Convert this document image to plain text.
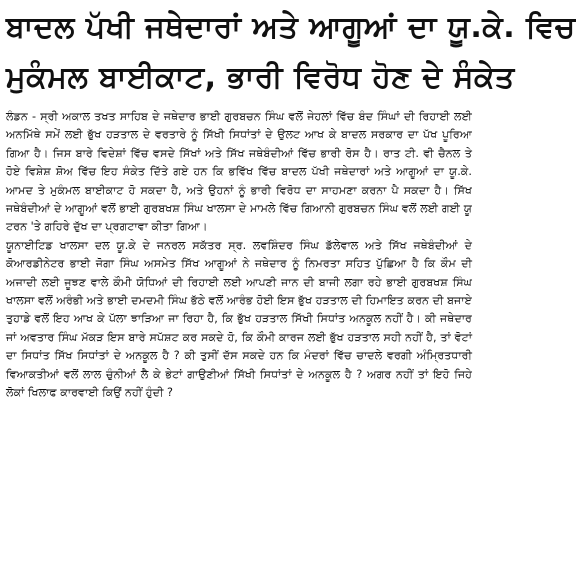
ਬਾਦਲ ਪੱਖੀ ਜਥੇਦਾਰਾਂ ਅਤੇ ਆਗੂਆਂ ਦਾ ਯੂ.ਕੇ. ਵਿਚ
ਮੁਕੰਮਲ ਬਾਈਕਾਟ, ਭਾਰੀ ਵਿਰੋਧ ਹੋਣ ਦੇ ਸੰਕੇਤ
ਲੰਡਨ - ਸ੍ਰੀ ਅਕਾਲ ਤਖਤ ਸਾਹਿਬ ਦੇ ਜਥੇਦਾਰ ਭਾਈ ਗੁਰਬਚਨ ਸਿੰਘ ਵਲੋਂ ਜੇਹਲਾਂ ਵਿੱਚ ਬੰਦ ਸਿੰਘਾਂ ਦੀ ਰਿਹਾਈ ਲਈ ਅਨਮਿੱਥੇ ਸਮੇਂ ਲਈ ਭੁੱਖ ਹੜਤਾਲ ਦੇ ਵਰਤਾਰੇ ਨੂੰ ਸਿੱਖੀ ਸਿਧਾਂਤਾਂ ਦੇ ਉਲਟ ਆਖ ਕੇ ਬਾਦਲ ਸਰਕਾਰ ਦਾ ਪੱਖ ਪੂਰਿਆ ਗਿਆ ਹੈ। ਜਿਸ ਬਾਰੇ ਵਿਦੇਸ਼ਾਂ ਵਿੱਚ ਵਸਦੇ ਸਿੱਖਾਂ ਅਤੇ ਸਿੱਖ ਜਥੇਬੰਦੀਆਂ ਵਿੱਚ ਭਾਰੀ ਰੋਸ ਹੈ। ਰਾਤ ਟੀ. ਵੀ ਚੈਨਲ ਤੇ ਹੋਏ ਵਿਸ਼ੇਸ਼ ਸ਼ੋਅ ਵਿੱਚ ਇਹ ਸੰਕੇਤ ਦਿੱਤੇ ਗਏ ਹਨ ਕਿ ਭਵਿੱਖ ਵਿੱਚ ਬਾਦਲ ਪੱਖੀ ਜਥੇਦਾਰਾਂ ਅਤੇ ਆਗੂਆਂ ਦਾ ਯੂ.ਕੇ. ਆਮਦ ਤੇ ਮੁਕੰਮਲ ਬਾਈਕਾਟ ਹੋ ਸਕਦਾ ਹੈ, ਅਤੇ ਉਹਨਾਂ ਨੂੰ ਭਾਰੀ ਵਿਰੋਧ ਦਾ ਸਾਹਮਣਾ ਕਰਨਾ ਪੈ ਸਕਦਾ ਹੈ। ਸਿੱਖ ਜਥੇਬੰਦੀਆਂ ਦੇ ਆਗੂਆਂ ਵਲੋਂ ਭਾਈ ਗੁਰਬਖਸ਼ ਸਿੰਘ ਖਾਲਸਾ ਦੇ ਮਾਮਲੇ ਵਿੱਚ ਗਿਆਨੀ ਗੁਰਬਚਨ ਸਿੰਘ ਵਲੋਂ ਲਈ ਗਈ ਯੂ ਟਰਨ 'ਤੇ ਗਹਿਰੇ ਦੁੱਖ ਦਾ ਪ੍ਰਗਟਾਵਾ ਕੀਤਾ ਗਿਆ।
ਯੂਨਾਈਟਿਡ ਖਾਲਸਾ ਦਲ ਯੂ.ਕੇ ਦੇ ਜਨਰਲ ਸਕੱਤਰ ਸ੍ਰ. ਲਵਸ਼ਿੰਦਰ ਸਿੰਘ ਡੱਲੇਵਾਲ ਅਤੇ ਸਿੱਖ ਜਥੇਬੰਦੀਆਂ ਦੇ ਕੋਆਰਡੀਨੇਟਰ ਭਾਈ ਜੋਗਾ ਸਿੰਘ ਅਸਮੇਤ ਸਿੱਖ ਆਗੂਆਂ ਨੇ ਜਥੇਦਾਰ ਨੂੰ ਨਿਮਰਤਾ ਸਹਿਤ ਪੁੱਛਿਆ ਹੈ ਕਿ ਕੌਮ ਦੀ ਅਜਾਦੀ ਲਈ ਜੂਝਣ ਵਾਲੇ ਕੌਮੀ ਯੋਧਿਆਂ ਦੀ ਰਿਹਾਈ ਲਈ ਆਪਣੀ ਜਾਨ ਦੀ ਬਾਜੀ ਲਗਾ ਰਹੇ ਭਾਈ ਗੁਰਬਖਸ਼ ਸਿੰਘ ਖਾਲਸਾ ਵਲੋਂ ਅਰੰਭੀ ਅਤੇ ਭਾਈ ਦਮਦਮੀ ਸਿੰਘ ਭੱਠੇ ਵਲੋਂ ਆਰੰਭ ਹੋਈ ਇਸ ਭੁੱਖ ਹੜਤਾਲ ਦੀ ਹਿਮਾਇਤ ਕਰਨ ਦੀ ਬਜਾਏ ਤੁਹਾਡੇ ਵਲੋਂ ਇਹ ਆਖ ਕੇ ਪੱਲਾ ਝਾੜਿਆ ਜਾ ਰਿਹਾ ਹੈ, ਕਿ ਭੁੱਖ ਹੜਤਾਲ ਸਿੱਖੀ ਸਿਧਾਂਤ ਅਨਕੂਲ ਨਹੀਂ ਹੈ। ਕੀ ਜਥੇਦਾਰ ਜਾਂ ਅਵਤਾਰ ਸਿੰਘ ਮੱਕੜ ਇਸ ਬਾਰੇ ਸਪੱਸ਼ਟ ਕਰ ਸਕਦੇ ਹੋ, ਕਿ ਕੌਮੀ ਕਾਰਜ ਲਈ ਭੁੱਖ ਹੜਤਾਲ ਸਹੀ ਨਹੀਂ ਹੈ, ਤਾਂ ਵੋਟਾਂ ਦਾ ਸਿਧਾਂਤ ਸਿੱਖ ਸਿਧਾਂਤਾਂ ਦੇ ਅਨਕੂਲ ਹੈ ? ਕੀ ਤੁਸੀਂ ਦੱਸ ਸਕਦੇ ਹਨ ਕਿ ਮੰਦਰਾਂ ਵਿੱਚ ਚਾਦਲੇ ਵਰਗੀ ਅੰਮ੍ਰਿਤਧਾਰੀ ਵਿਆਕਤੀਆਂ ਵਲੋਂ ਲਾਲ ਚੁੰਨੀਆਂ ਲੈ ਕੇ ਭੇਟਾਂ ਗਾਉਣੀਆਂ ਸਿੱਖੀ ਸਿਧਾਂਤਾਂ ਦੇ ਅਨਕੂਲ ਹੈ ? ਅਗਰ ਨਹੀਂ ਤਾਂ ਇਹੋ ਜਿਹੇ ਲੋਕਾਂ ਖਿਲਾਫ ਕਾਰਵਾਈ ਕਿਉਂ ਨਹੀਂ ਹੁੰਦੀ ?
